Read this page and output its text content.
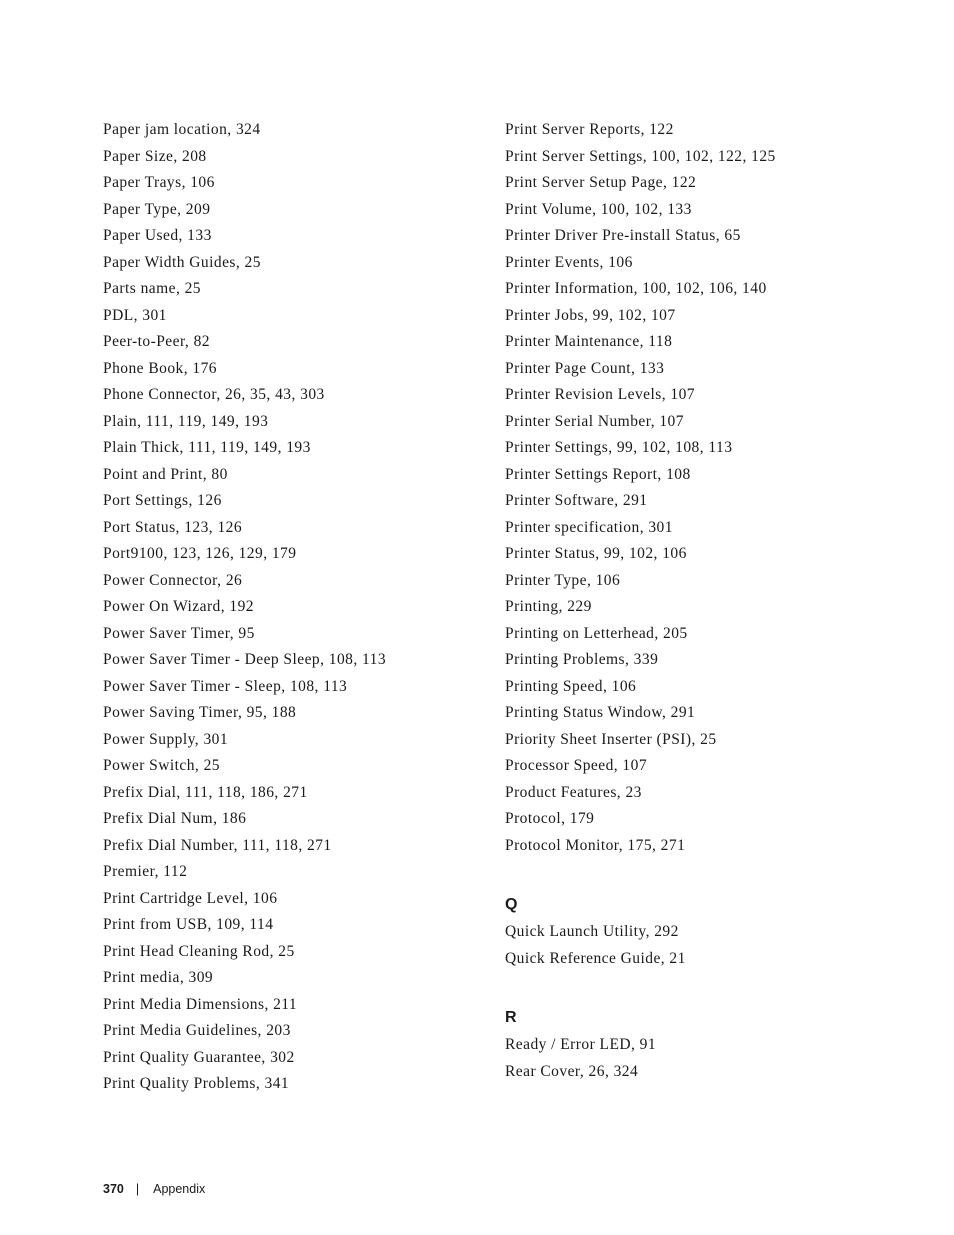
Paper jam location, 324
Paper Size, 208
Paper Trays, 106
Paper Type, 209
Paper Used, 133
Paper Width Guides, 25
Parts name, 25
PDL, 301
Peer-to-Peer, 82
Phone Book, 176
Phone Connector, 26, 35, 43, 303
Plain, 111, 119, 149, 193
Plain Thick, 111, 119, 149, 193
Point and Print, 80
Port Settings, 126
Port Status, 123, 126
Port9100, 123, 126, 129, 179
Power Connector, 26
Power On Wizard, 192
Power Saver Timer, 95
Power Saver Timer - Deep Sleep, 108, 113
Power Saver Timer - Sleep, 108, 113
Power Saving Timer, 95, 188
Power Supply, 301
Power Switch, 25
Prefix Dial, 111, 118, 186, 271
Prefix Dial Num, 186
Prefix Dial Number, 111, 118, 271
Premier, 112
Print Cartridge Level, 106
Print from USB, 109, 114
Print Head Cleaning Rod, 25
Print media, 309
Print Media Dimensions, 211
Print Media Guidelines, 203
Print Quality Guarantee, 302
Print Quality Problems, 341
Print Server Reports, 122
Print Server Settings, 100, 102, 122, 125
Print Server Setup Page, 122
Print Volume, 100, 102, 133
Printer Driver Pre-install Status, 65
Printer Events, 106
Printer Information, 100, 102, 106, 140
Printer Jobs, 99, 102, 107
Printer Maintenance, 118
Printer Page Count, 133
Printer Revision Levels, 107
Printer Serial Number, 107
Printer Settings, 99, 102, 108, 113
Printer Settings Report, 108
Printer Software, 291
Printer specification, 301
Printer Status, 99, 102, 106
Printer Type, 106
Printing, 229
Printing on Letterhead, 205
Printing Problems, 339
Printing Speed, 106
Printing Status Window, 291
Priority Sheet Inserter (PSI), 25
Processor Speed, 107
Product Features, 23
Protocol, 179
Protocol Monitor, 175, 271
Q
Quick Launch Utility, 292
Quick Reference Guide, 21
R
Ready / Error LED, 91
Rear Cover, 26, 324
370 | Appendix
